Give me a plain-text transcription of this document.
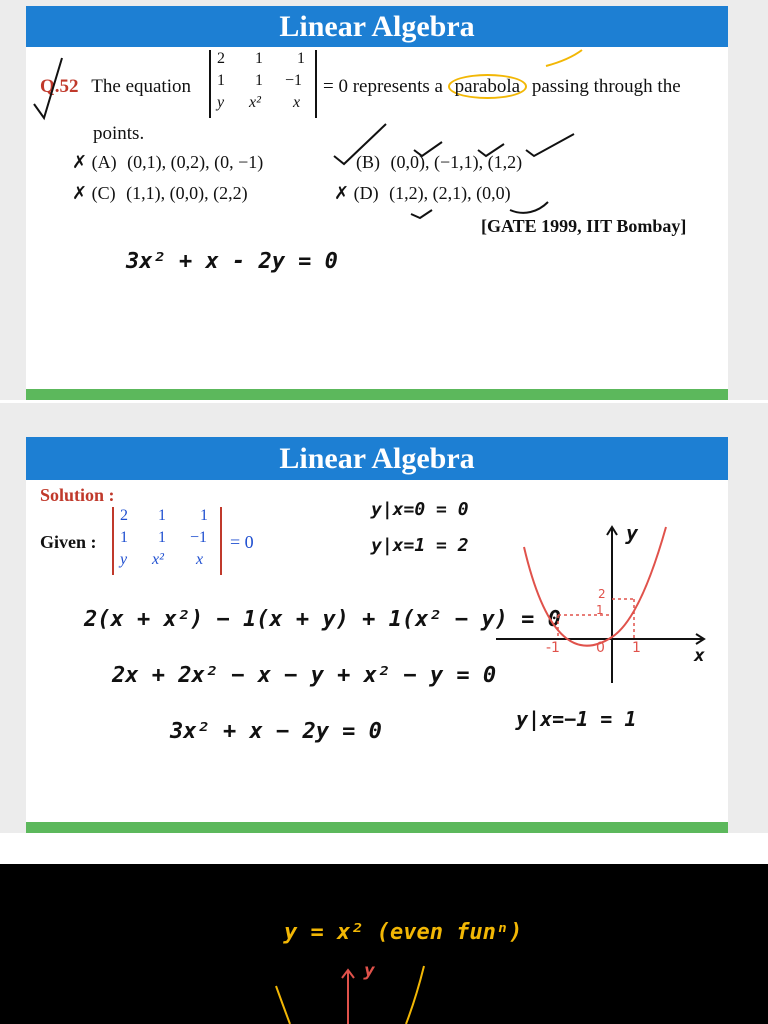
Linear Algebra
Q.52 The equation
2 1 1
1 1 −1
y x² x
= 0 represents a parabola passing through the
points.
✗ (A) (0,1), (0,2), (0, −1)	(B) (0,0), (−1,1), (1,2)
✗ (C) (1,1), (0,0), (2,2)	✗ (D) (1,2), (2,1), (0,0)
[GATE 1999, IIT Bombay]
3x² + x - 2y = 0
Linear Algebra
Solution :
Given :
2 1 1
1 1 −1
y x² x
= 0
y|x=0 = 0
y|x=1 = 2
y|x=−1 = 1
2(x + x²) − 1(x + y) + 1(x² − y) = 0
2x + 2x² − x − y + x² − y = 0
3x² + x − 2y = 0
y
x
0
-1	1
1
2
y = x² (even funⁿ)
y
